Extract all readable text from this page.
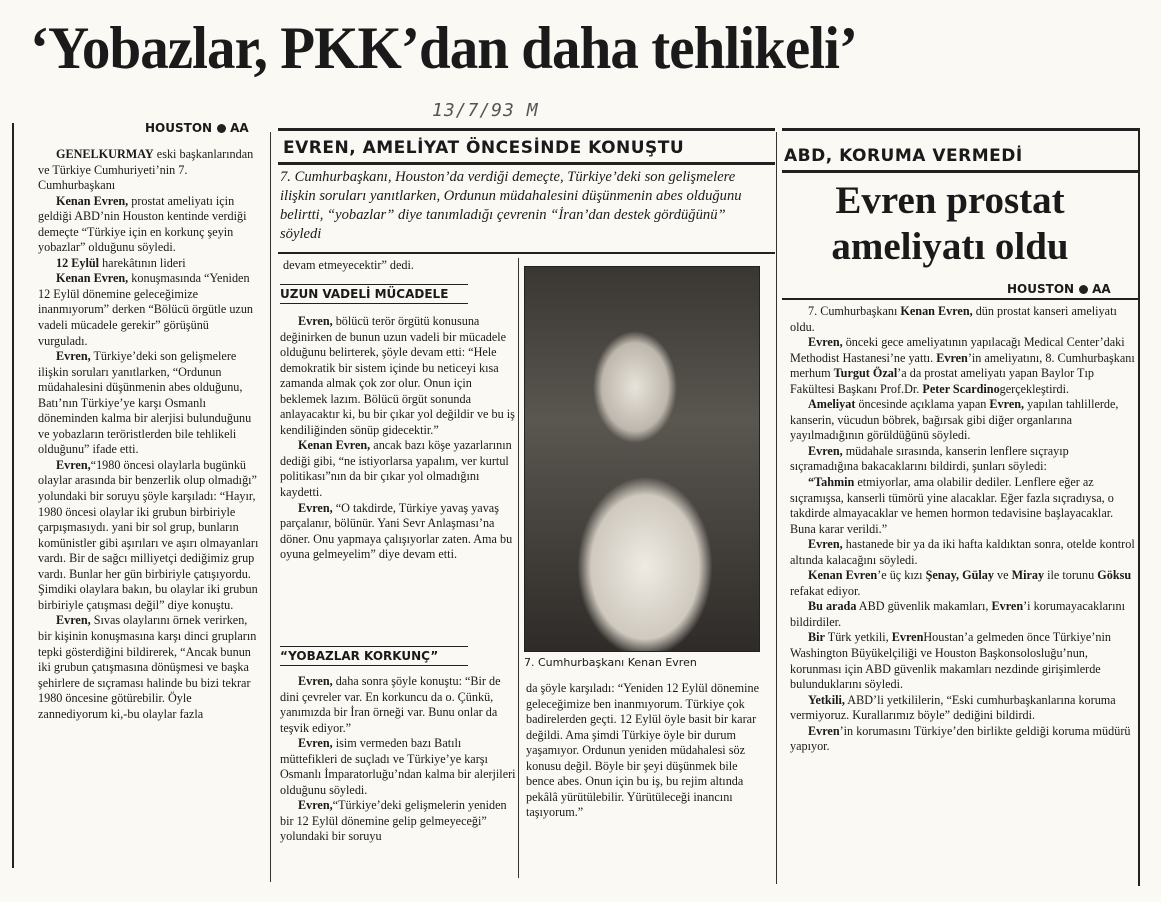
‘Yobazlar, PKK’dan daha tehlikeli’
13/7/93 M
HOUSTON AA

GENELKURMAY eski başkanlarından ve Türkiye Cumhuriyeti’nin 7. Cumhurbaşkanı

Kenan Evren, prostat ameliyatı için geldiği ABD’nin Houston kentinde verdiği demeçte “Türkiye için en korkunç şeyin yobazlar” olduğunu söyledi.

12 Eylül harekâtının lideri

Kenan Evren, konuşmasında “Yeniden 12 Eylül dönemine geleceğimize inanmıyorum” derken “Bölücü örgütle uzun vadeli mücadele gerekir” görüşünü vurguladı.

Evren, Türkiye’deki son gelişmelere ilişkin soruları yanıtlarken, “Ordunun müdahalesini düşünmenin abes olduğunu, Batı’nın Türkiye’ye karşı Osmanlı döneminden kalma bir alerjisi bulunduğunu ve yobazların teröristlerden bile tehlikeli olduğunu” ifade etti.

Evren,“1980 öncesi olaylarla bugünkü olaylar arasında bir benzerlik olup olmadığı” yolundaki bir soruyu şöyle karşıladı: “Hayır, 1980 öncesi olaylar iki grubun birbiriyle çarpışmasıydı. yani bir sol grup, bunların komünistler gibi aşırıları ve aşırı olmayanları vardı. Bir de sağcı milliyetçi dediğimiz grup vardı. Bunlar her gün birbiriyle çatışıyordu. Şimdiki olaylara bakın, bu olaylar iki grubun birbiriyle çatışması değil” diye konuştu.

Evren, Sıvas olaylarını örnek verirken, bir kişinin konuşmasına karşı dinci grupların tepki gösterdiğini bildirerek, “Ancak bunun iki grubun çatışmasına dönüşmesi ve başka şehirlere de sıçraması halinde bu bizi tekrar 1980 öncesine götürebilir. Öyle zannediyorum ki,-bu olaylar fazla

EVREN, AMELİYAT ÖNCESİNDE KONUŞTU
7. Cumhurbaşkanı, Houston’da verdiği demeçte, Türkiye’deki son gelişmelere ilişkin soruları yanıtlarken, Ordunun müdahalesini düşünmenin abes olduğunu belirtti, “yobazlar” diye tanımladığı çevrenin “İran’dan destek gördüğünü” söyledi
devam etmeyecektir” dedi.
UZUN VADELİ MÜCADELE

Evren, bölücü terör örgütü konusuna değinirken de bunun uzun vadeli bir mücadele olduğunu belirterek, şöyle devam etti: “Hele demokratik bir sistem içinde bu neticeyi kısa zamanda almak çok zor olur. Onun için beklemek lazım. Bölücü örgüt sonunda anlayacaktır ki, bu bir çıkar yol değildir ve bu iş kendiliğinden sönüp gidecektir.”

Kenan Evren, ancak bazı köşe yazarlarının dediği gibi, “ne istiyorlarsa yapalım, ver kurtul politikası”nın da bir çıkar yol olmadığını kaydetti.

Evren, “O takdirde, Türkiye yavaş yavaş parçalanır, bölünür. Yani Sevr Anlaşması’na döner. Onu yapmaya çalışıyorlar zaten. Ama bu oyuna gelmeyelim” diye devam etti.

“YOBAZLAR KORKUNÇ”

Evren, daha sonra şöyle konuştu: “Bir de dini çevreler var. En korkuncu da o. Çünkü, yanımızda bir İran örneği var. Bunu onlar da teşvik ediyor.”

Evren, isim vermeden bazı Batılı müttefikleri de suçladı ve Türkiye’ye karşı Osmanlı İmparatorluğu’ndan kalma bir alerjileri olduğunu söyledi.

Evren,“Türkiye’deki gelişmelerin yeniden bir 12 Eylül dönemine gelip gelmeyeceği” yolundaki bir soruyu

7. Cumhurbaşkanı Kenan Evren
da şöyle karşıladı: “Yeniden 12 Eylül dönemine geleceğimize ben inanmıyorum. Türkiye çok badirelerden geçti. 12 Eylül öyle basit bir karar değildi. Ama şimdi Türkiye öyle bir durum yaşamıyor. Ordunun yeniden müdahalesi söz konusu değil. Böyle bir şeyi düşünmek bile bence abes. Onun için bu iş, bu rejim altında pekâlâ yürütülebilir. Yürütüleceği inancını taşıyorum.”
ABD, KORUMA VERMEDİ
Evren prostat ameliyatı oldu
HOUSTON AA

7. Cumhurbaşkanı Kenan Evren, dün prostat kanseri ameliyatı oldu.

Evren, önceki gece ameliyatının yapılacağı Medical Center’daki Methodist Hastanesi’ne yattı. Evren’in ameliyatını, 8. Cumhurbaşkanı merhum Turgut Özal’a da prostat ameliyatı yapan Baylor Tıp Fakültesi Başkanı Prof.Dr. Peter Scardinogerçekleştirdi.

Ameliyat öncesinde açıklama yapan Evren, yapılan tahlillerde, kanserin, vücudun böbrek, bağırsak gibi diğer organlarına yayılmadığının görüldüğünü söyledi.

Evren, müdahale sırasında, kanserin lenflere sıçrayıp sıçramadığına bakacaklarını bildirdi, şunları söyledi:

“Tahmin etmiyorlar, ama olabilir dediler. Lenflere eğer az sıçramışsa, kanserli tümörü yine alacaklar. Eğer fazla sıçradıysa, o takdirde almayacaklar ve hemen hormon tedavisine başlayacaklar. Buna karar verildi.”

Evren, hastanede bir ya da iki hafta kaldıktan sonra, otelde kontrol altında kalacağını söyledi.

Kenan Evren’e üç kızı Şenay, Gülay ve Miray ile torunu Göksu refakat ediyor.

Bu arada ABD güvenlik makamları, Evren’i korumayacaklarını bildirdiler.

Bir Türk yetkili, EvrenHoustan’a gelmeden önce Türkiye’nin Washington Büyükelçiliği ve Houston Başkonsolosluğu’nun, korunması için ABD güvenlik makamları nezdinde girişimlerde bulunduklarını söyledi.

Yetkili, ABD’li yetkililerin, “Eski cumhurbaşkanlarına koruma vermiyoruz. Kurallarımız böyle” dediğini bildirdi.

Evren’in korumasını Türkiye’den birlikte geldiği koruma müdürü yapıyor.
